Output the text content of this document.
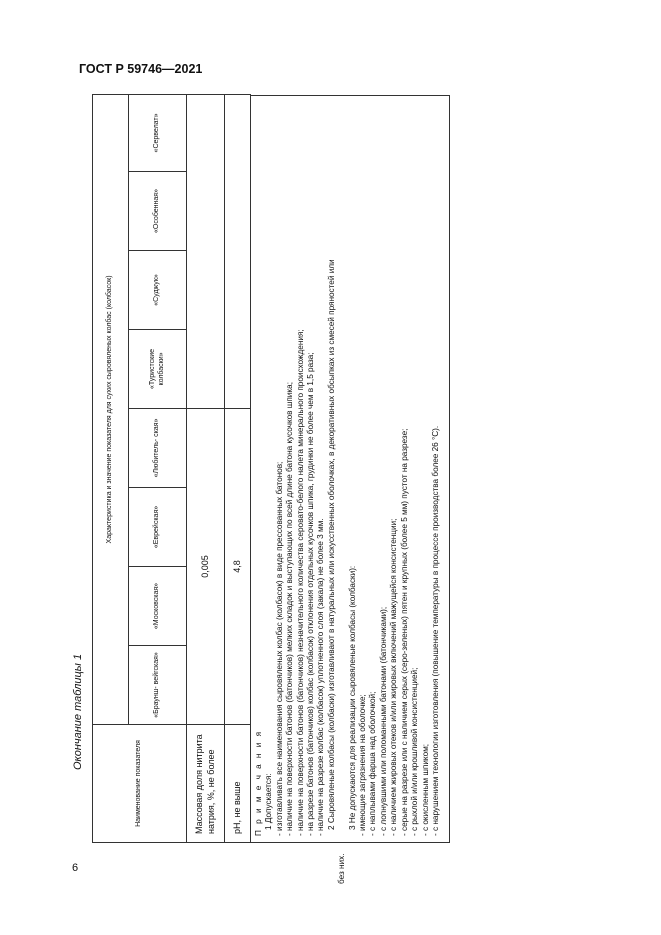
ГОСТ Р 59746—2021
Окончание таблицы 1
6
Наименование показателя	Характеристика и значение показателя для сухих сыровяленых колбас (колбасок)							
	«Браунш- вейгская»	«Московская»	«Еврейская»	«Любитель- ская»	«Туристские колбаски»	«Суджук»	«Особенная»	«Сервелат»
Массовая доля нитрита натрия, %, не более	0,005							
pH, не выше	4,8							
П р и м е ч а н и я 1 Допускается: - изготавливать все наименования сыровяленых колбас (колбасок) в виде прессованных батонов; - наличие на поверхности батонов (батончиков) мелких складок и выступающих по всей длине батона кусочков шпика; - наличие на поверхности батонов (батончиков) незначительного количества серовато-белого налета минерального происхождения; - на разрезе батонов (батончиков) колбас (колбасок) отклонения отдельных кусочков шпика, грудинки не более чем в 1,5 раза; - наличие на разрезе колбас (колбасок) уплотненного слоя (закала) не более 3 мм. 2 Сыровяленые колбасы (колбаски) изготавливают в натуральных или искусственных оболочках, в декоративных обсыпках из смесей пряностей или
без них.
3 Не допускаются для реализации сыровяленые колбасы (колбаски): - имеющие загрязнения на оболочке; - с наплывами фарша над оболочкой; - с лопнувшими или поломанными батонами (батончиками); - с наличием жировых отеков и/или жировых включений мажущейся консистенции; - серые на разрезе или с наличием серых (серо-зеленых) пятен и крупных (более 5 мм) пустот на разрезе; - с рыхлой и/или крошливой консистенцией; - с окисленным шпиком; - с нарушением технологии изготовления (повышение температуры в процессе производства более 26 °С).
